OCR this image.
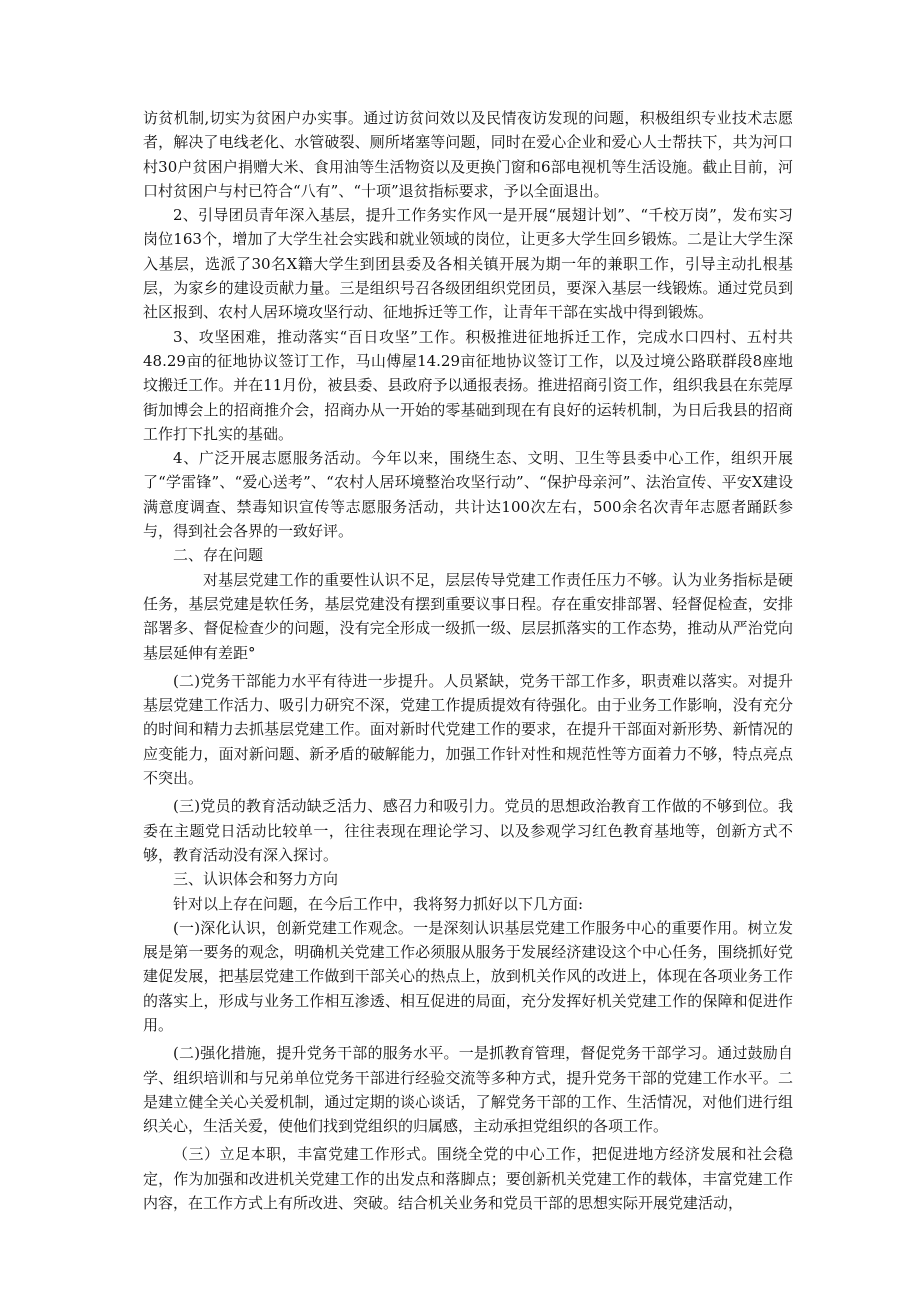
访贫机制,切实为贫困户办实事。通过访贫问效以及民情夜访发现的问题，积极组织专业技术志愿者，解决了电线老化、水管破裂、厕所堵塞等问题，同时在爱心企业和爱心人士帮扶下，共为河口村30户贫困户捐赠大米、食用油等生活物资以及更换门窗和6部电视机等生活设施。截止目前，河口村贫困户与村已符合“八有”、“十项”退贫指标要求，予以全面退出。

2、引导团员青年深入基层，提升工作务实作风一是开展“展翅计划”、“千校万岗”，发布实习岗位163个，增加了大学生社会实践和就业领域的岗位，让更多大学生回乡锻炼。二是让大学生深入基层，选派了30名X籍大学生到团县委及各相关镇开展为期一年的兼职工作，引导主动扎根基层，为家乡的建设贡献力量。三是组织号召各级团组织党团员，要深入基层一线锻炼。通过党员到社区报到、农村人居环境攻坚行动、征地拆迁等工作，让青年干部在实战中得到锻炼。

3、攻坚困难，推动落实“百日攻坚”工作。积极推进征地拆迁工作，完成水口四村、五村共48.29亩的征地协议签订工作，马山傅屋14.29亩征地协议签订工作，以及过境公路联群段8座地坟搬迁工作。并在11月份，被县委、县政府予以通报表扬。推进招商引资工作，组织我县在东莞厚街加博会上的招商推介会，招商办从一开始的零基础到现在有良好的运转机制，为日后我县的招商工作打下扎实的基础。

4、广泛开展志愿服务活动。今年以来，围绕生态、文明、卫生等县委中心工作，组织开展了“学雷锋”、“爱心送考”、“农村人居环境整治攻坚行动”、“保护母亲河”、法治宣传、平安X建设满意度调查、禁毒知识宣传等志愿服务活动，共计达100次左右，500余名次青年志愿者踊跃参与，得到社会各界的一致好评。

二、存在问题

对基层党建工作的重要性认识不足，层层传导党建工作责任压力不够。认为业务指标是硬任务，基层党建是软任务，基层党建没有摆到重要议事日程。存在重安排部署、轻督促检查，安排部署多、督促检查少的问题，没有完全形成一级抓一级、层层抓落实的工作态势，推动从严治党向基层延伸有差距°

(二)党务干部能力水平有待进一步提升。人员紧缺，党务干部工作多，职责难以落实。对提升基层党建工作活力、吸引力研究不深，党建工作提质提效有待强化。由于业务工作影响，没有充分的时间和精力去抓基层党建工作。面对新时代党建工作的要求，在提升干部面对新形势、新情况的应变能力，面对新问题、新矛盾的破解能力，加强工作针对性和规范性等方面着力不够，特点亮点不突出。

(三)党员的教育活动缺乏活力、感召力和吸引力。党员的思想政治教育工作做的不够到位。我委在主题党日活动比较单一，往往表现在理论学习、以及参观学习红色教育基地等，创新方式不够，教育活动没有深入探讨。

三、认识体会和努力方向

针对以上存在问题，在今后工作中，我将努力抓好以下几方面:

(一)深化认识，创新党建工作观念。一是深刻认识基层党建工作服务中心的重要作用。树立发展是第一要务的观念，明确机关党建工作必须服从服务于发展经济建设这个中心任务，围绕抓好党建促发展，把基层党建工作做到干部关心的热点上，放到机关作风的改进上，体现在各项业务工作的落实上，形成与业务工作相互渗透、相互促进的局面，充分发挥好机关党建工作的保障和促进作用。

(二)强化措施，提升党务干部的服务水平。一是抓教育管理，督促党务干部学习。通过鼓励自学、组织培训和与兄弟单位党务干部进行经验交流等多种方式，提升党务干部的党建工作水平。二是建立健全关心关爱机制，通过定期的谈心谈话，了解党务干部的工作、生活情况，对他们进行组织关心，生活关爱，使他们找到党组织的归属感，主动承担党组织的各项工作。

（三）立足本职，丰富党建工作形式。围绕全党的中心工作，把促进地方经济发展和社会稳定，作为加强和改进机关党建工作的出发点和落脚点；要创新机关党建工作的载体，丰富党建工作内容，在工作方式上有所改进、突破。结合机关业务和党员干部的思想实际开展党建活动，
